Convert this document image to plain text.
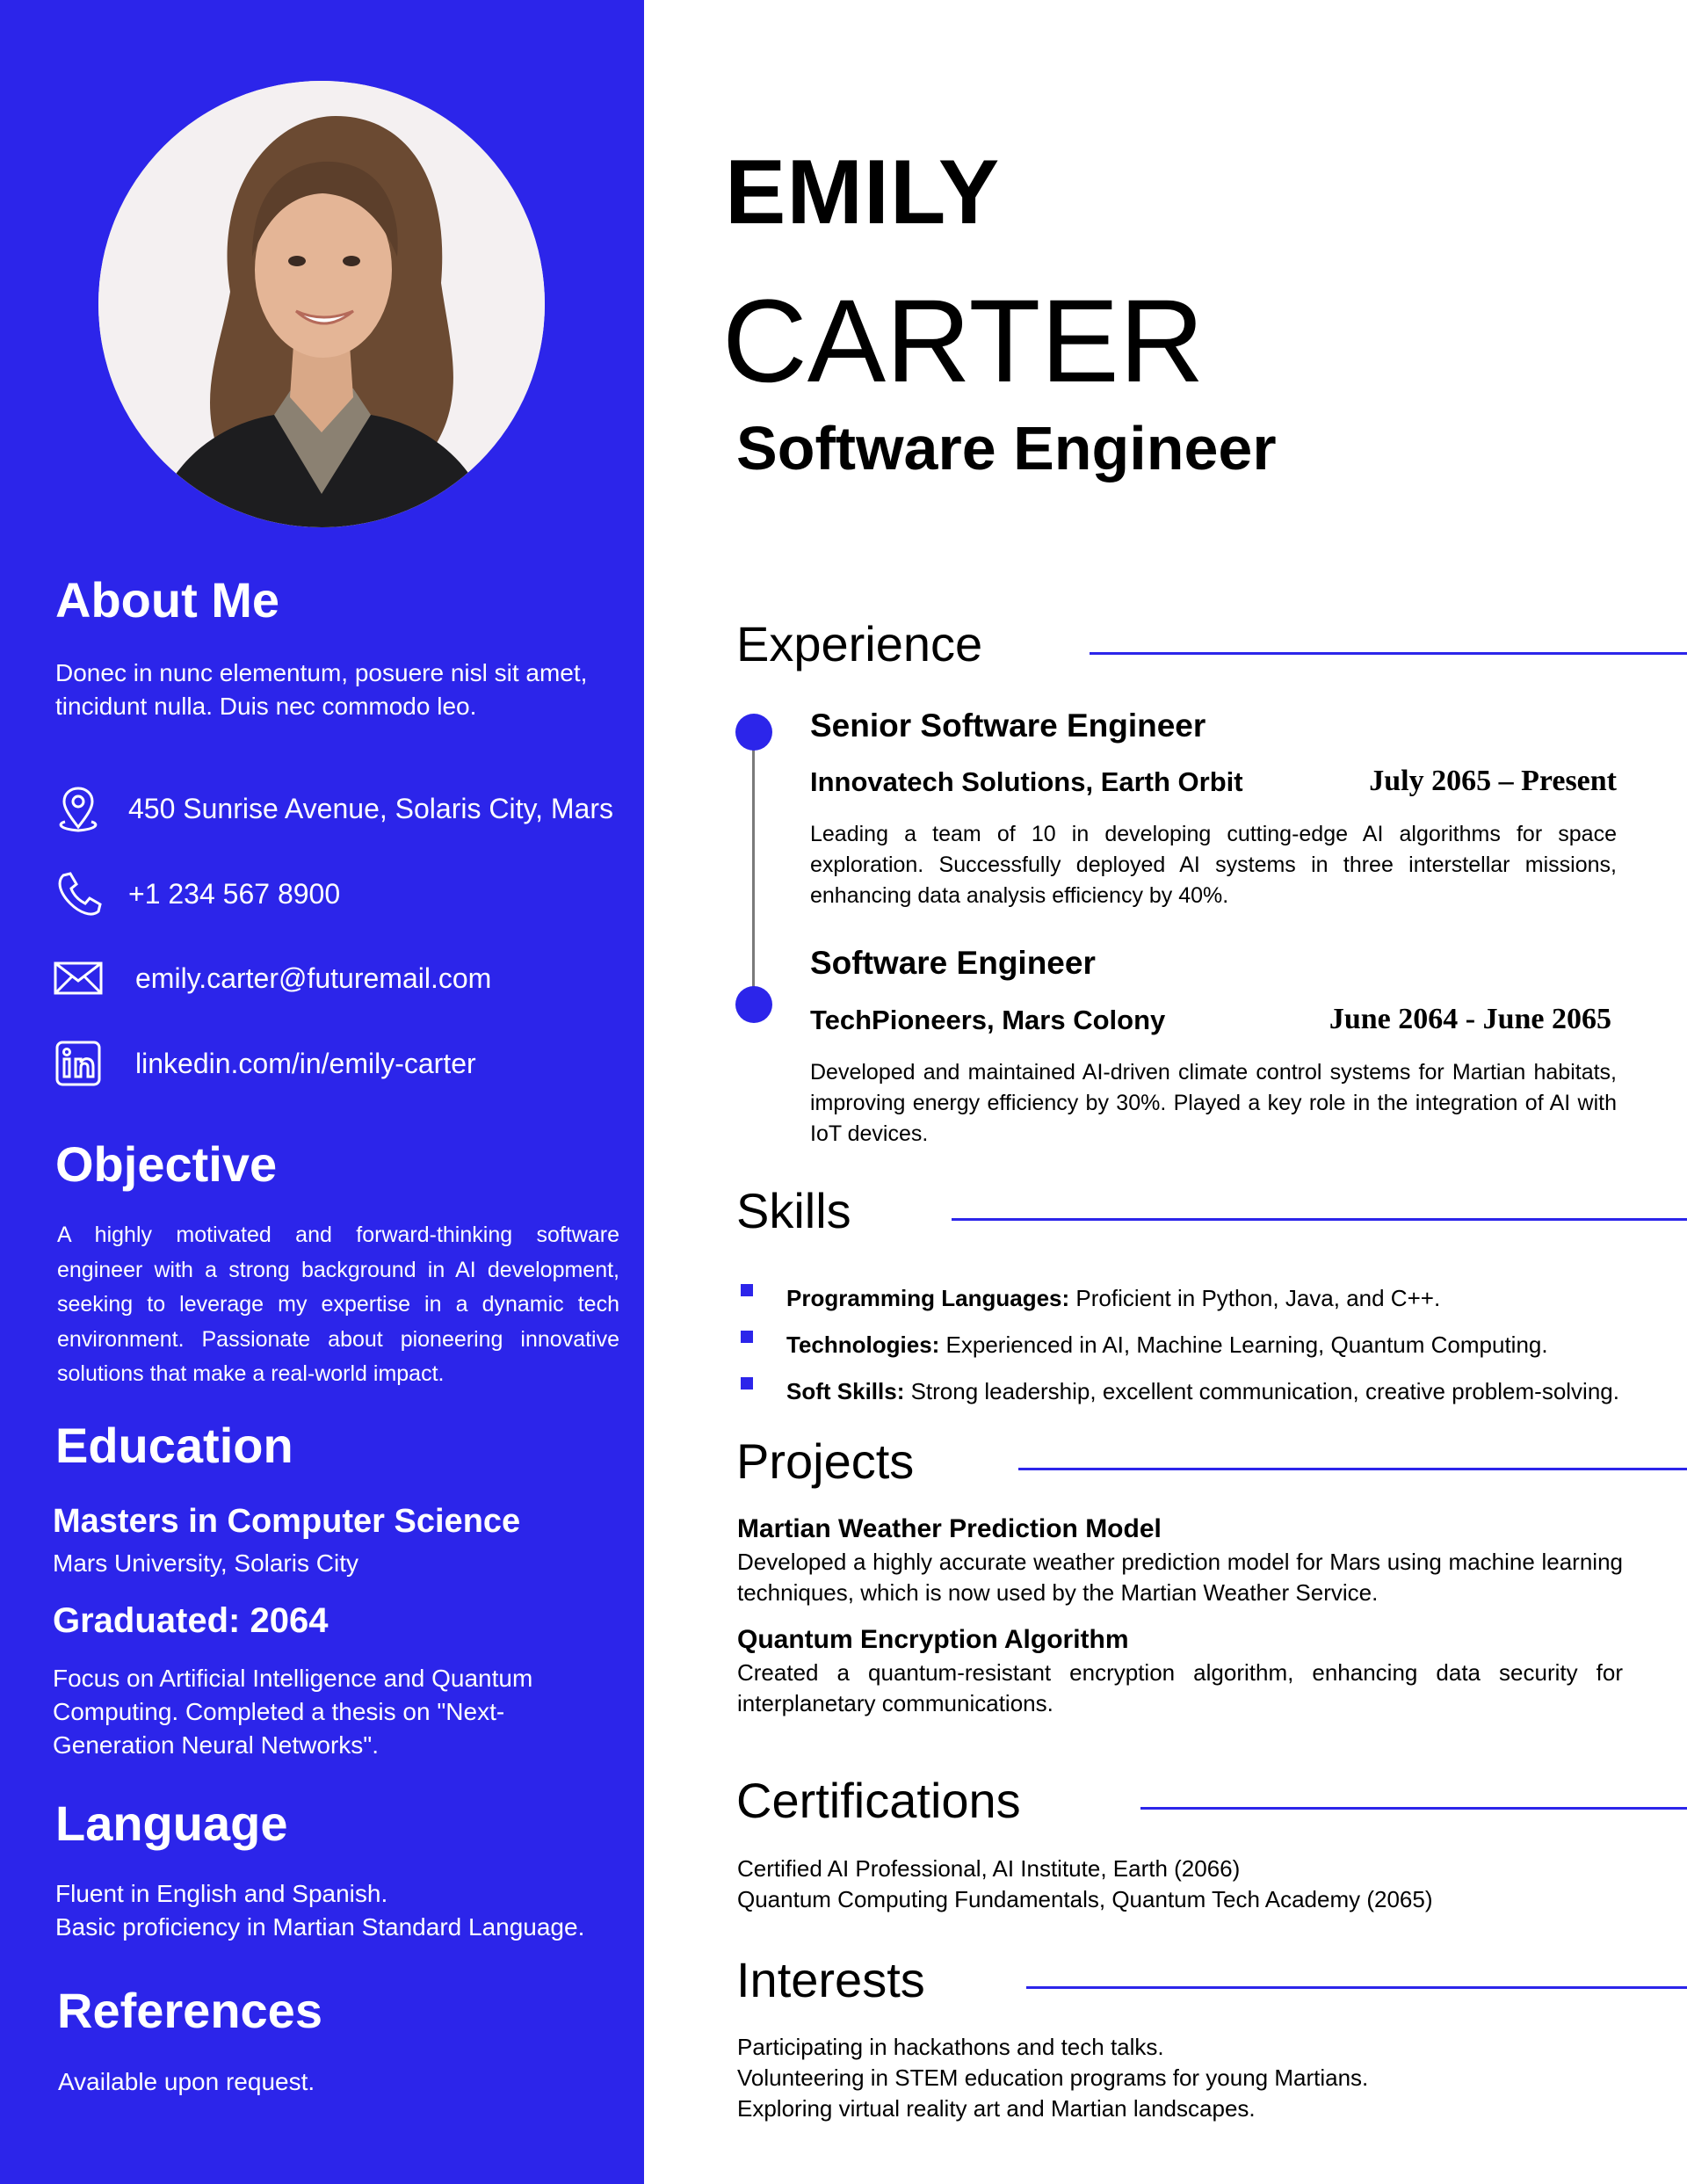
About Me

Donec in nunc elementum, posuere nisl sit amet, tincidunt nulla. Duis nec commodo leo.

450 Sunrise Avenue, Solaris City, Mars
+1 234 567 8900
emily.carter@futuremail.com
linkedin.com/in/emily-carter
Objective

A highly motivated and forward-thinking software engineer with a strong background in AI development, seeking to leverage my expertise in a dynamic tech environment. Passionate about pioneering innovative solutions that make a real-world impact.

Education
Masters in Computer Science
Mars University, Solaris City
Graduated: 2064

Focus on Artificial Intelligence and Quantum Computing. Completed a thesis on "Next-Generation Neural Networks".

Language
Fluent in English and Spanish.
Basic proficiency in Martian Standard Language.
References
Available upon request.
EMILY
CARTER
Software Engineer
Experience
Senior Software Engineer
Innovatech Solutions, Earth Orbit	July 2065 – Present
Leading a team of 10 in developing cutting-edge AI algorithms for space exploration. Successfully deployed AI systems in three interstellar missions, enhancing data analysis efficiency by 40%.
Software Engineer
TechPioneers, Mars Colony	June 2064 - June 2065
Developed and maintained AI-driven climate control systems for Martian habitats, improving energy efficiency by 30%. Played a key role in the integration of AI with IoT devices.
Skills
Programming Languages: Proficient in Python, Java, and C++.
Technologies: Experienced in AI, Machine Learning, Quantum Computing.
Soft Skills: Strong leadership, excellent communication, creative problem-solving.
Projects
Martian Weather Prediction Model
Developed a highly accurate weather prediction model for Mars using machine learning techniques, which is now used by the Martian Weather Service.
Quantum Encryption Algorithm
Created a quantum-resistant encryption algorithm, enhancing data security for interplanetary communications.
Certifications
Certified AI Professional, AI Institute, Earth (2066)
Quantum Computing Fundamentals, Quantum Tech Academy (2065)
Interests
Participating in hackathons and tech talks.
Volunteering in STEM education programs for young Martians.
Exploring virtual reality art and Martian landscapes.
